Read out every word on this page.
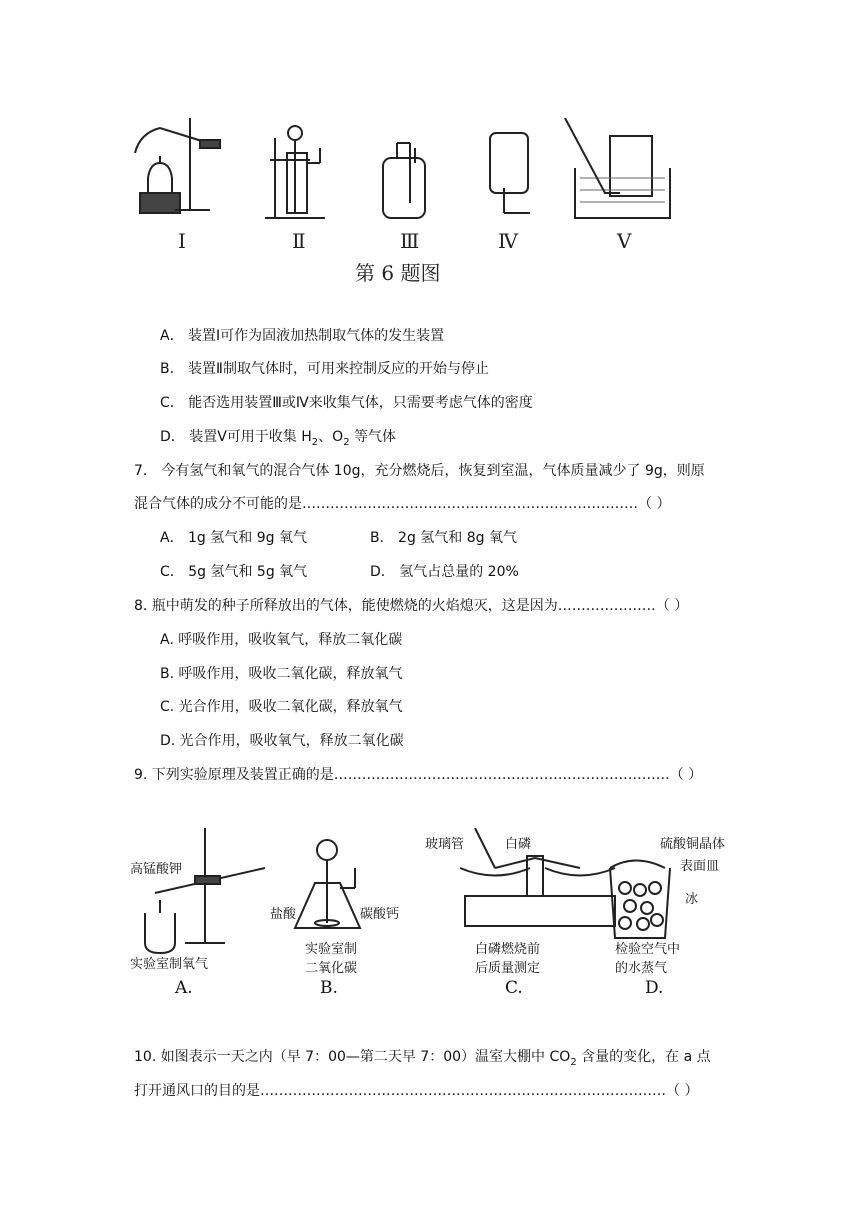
Ⅰ	Ⅱ	Ⅲ	Ⅳ	Ⅴ
第 6 题图
A． 装置Ⅰ可作为固液加热制取气体的发生装置
B． 装置Ⅱ制取气体时，可用来控制反应的开始与停止
C． 能否选用装置Ⅲ或Ⅳ来收集气体，只需要考虑气体的密度
D． 装置Ⅴ可用于收集 $H_2$、$O_2$ 等气体
7． 今有氢气和氧气的混合气体 10g，充分燃烧后，恢复到室温，气体质量减少了 9g，则原
混合气体的成分不可能的是………………………………………………………………（ ）
A． 1g 氢气和 9g 氧气	B． 2g 氢气和 8g 氧气
C． 5g 氢气和 5g 氧气	D． 氢气占总量的 20%
8. 瓶中萌发的种子所释放出的气体，能使燃烧的火焰熄灭，这是因为…………………（ ）
A. 呼吸作用，吸收氧气，释放二氧化碳
B. 呼吸作用，吸收二氧化碳，释放氧气
C. 光合作用，吸收二氧化碳，释放氧气
D. 光合作用，吸收氧气，释放二氧化碳
9. 下列实验原理及装置正确的是………………………………………………………………（ ）
高锰酸钾
实验室制氧气
A.
盐酸	碳酸钙
实验室制
二氧化碳
B.
玻璃管	白磷
白磷燃烧前
后质量测定
C.
硫酸铜晶体
表面皿
冰
检验空气中
的水蒸气
D.
10. 如图表示一天之内（早 7：00—第二天早 7：00）温室大棚中 $CO_2$ 含量的变化，在 a 点
打开通风口的目的是……………………………………………………………………………（ ）
